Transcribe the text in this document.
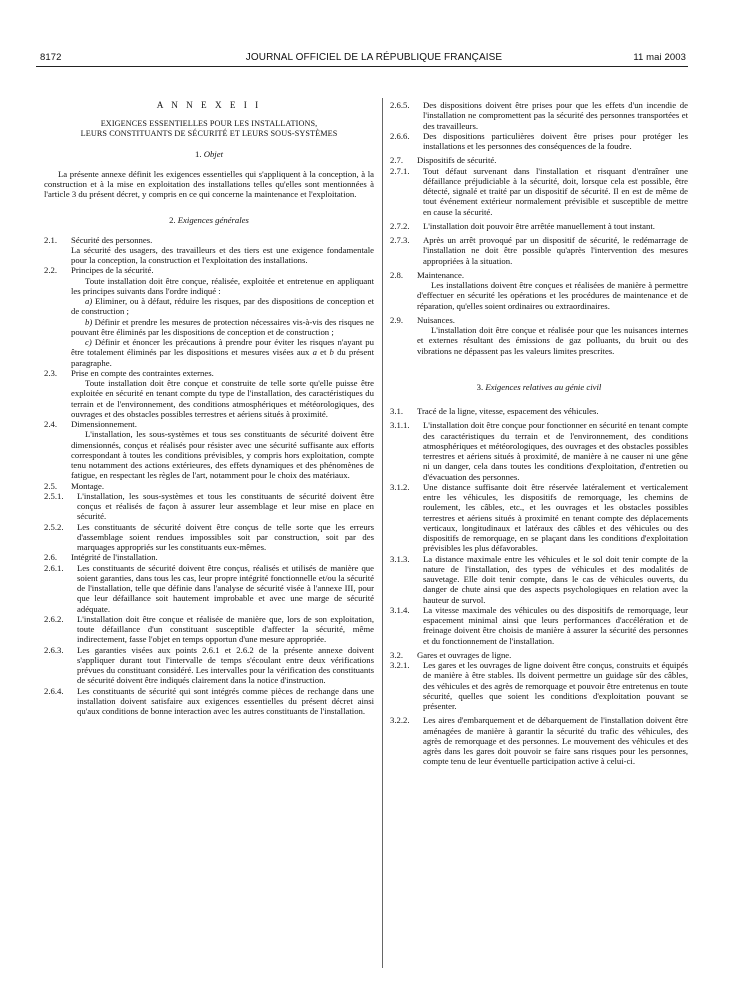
8172	JOURNAL OFFICIEL DE LA RÉPUBLIQUE FRANÇAISE	11 mai 2003

A N N E X E I I

EXIGENCES ESSENTIELLES POUR LES INSTALLATIONS,

LEURS CONSTITUANTS DE SÉCURITÉ ET LEURS SOUS-SYSTÈMES

1. Objet

La présente annexe définit les exigences essentielles qui s'appliquent à la conception, à la construction et à la mise en exploitation des installations telles qu'elles sont mentionnées à l'article 3 du présent décret, y compris en ce qui concerne la maintenance et l'exploitation.

2. Exigences générales

2.1.	Sécurité des personnes.

La sécurité des usagers, des travailleurs et des tiers est une exigence fondamentale pour la conception, la construction et l'exploitation des installations.

2.2.	Principes de la sécurité.

Toute installation doit être conçue, réalisée, exploitée et entretenue en appliquant les principes suivants dans l'ordre indiqué :

a) Eliminer, ou à défaut, réduire les risques, par des dispositions de conception et de construction ;

b) Définir et prendre les mesures de protection nécessaires vis-à-vis des risques ne pouvant être éliminés par les dispositions de conception et de construction ;

c) Définir et énoncer les précautions à prendre pour éviter les risques n'ayant pu être totalement éliminés par les dispositions et mesures visées aux a et b du présent paragraphe.

2.3.	Prise en compte des contraintes externes.

Toute installation doit être conçue et construite de telle sorte qu'elle puisse être exploitée en sécurité en tenant compte du type de l'installation, des caractéristiques du terrain et de l'environnement, des conditions atmosphériques et météorologiques, des ouvrages et des obstacles possibles terrestres et aériens situés à proximité.

2.4.	Dimensionnement.

L'installation, les sous-systèmes et tous ses constituants de sécurité doivent être dimensionnés, conçus et réalisés pour résister avec une sécurité suffisante aux efforts correspondant à toutes les conditions prévisibles, y compris hors exploitation, compte tenu notamment des actions extérieures, des effets dynamiques et des phénomènes de fatigue, en respectant les règles de l'art, notamment pour le choix des matériaux.

2.5.	Montage.
2.5.1.	L'installation, les sous-systèmes et tous les constituants de sécurité doivent être conçus et réalisés de façon à assurer leur assemblage et leur mise en place en sécurité.
2.5.2.	Les constituants de sécurité doivent être conçus de telle sorte que les erreurs d'assemblage soient rendues impossibles soit par construction, soit par des marquages appropriés sur les constituants eux-mêmes.
2.6.	Intégrité de l'installation.
2.6.1.	Les constituants de sécurité doivent être conçus, réalisés et utilisés de manière que soient garanties, dans tous les cas, leur propre intégrité fonctionnelle et/ou la sécurité de l'installation, telle que définie dans l'analyse de sécurité visée à l'annexe III, pour que leur défaillance soit hautement improbable et avec une marge de sécurité adéquate.
2.6.2.	L'installation doit être conçue et réalisée de manière que, lors de son exploitation, toute défaillance d'un constituant susceptible d'affecter la sécurité, même indirectement, fasse l'objet en temps opportun d'une mesure appropriée.
2.6.3.	Les garanties visées aux points 2.6.1 et 2.6.2 de la présente annexe doivent s'appliquer durant tout l'intervalle de temps s'écoulant entre deux vérifications prévues du constituant considéré. Les intervalles pour la vérification des constituants de sécurité doivent être indiqués clairement dans la notice d'instruction.
2.6.4.	Les constituants de sécurité qui sont intégrés comme pièces de rechange dans une installation doivent satisfaire aux exigences essentielles du présent décret ainsi qu'aux conditions de bonne interaction avec les autres constituants de l'installation.
2.6.5.	Des dispositions doivent être prises pour que les effets d'un incendie de l'installation ne compromettent pas la sécurité des personnes transportées et des travailleurs.
2.6.6.	Des dispositions particulières doivent être prises pour protéger les installations et les personnes des conséquences de la foudre.
2.7.	Dispositifs de sécurité.
2.7.1.	Tout défaut survenant dans l'installation et risquant d'entraîner une défaillance préjudiciable à la sécurité, doit, lorsque cela est possible, être détecté, signalé et traité par un dispositif de sécurité. Il en est de même de tout événement extérieur normalement prévisible et susceptible de mettre en cause la sécurité.
2.7.2.	L'installation doit pouvoir être arrêtée manuellement à tout instant.
2.7.3.	Après un arrêt provoqué par un dispositif de sécurité, le redémarrage de l'installation ne doit être possible qu'après l'intervention des mesures appropriées à la situation.
2.8.	Maintenance.

Les installations doivent être conçues et réalisées de manière à permettre d'effectuer en sécurité les opérations et les procédures de maintenance et de réparation, qu'elles soient ordinaires ou extraordinaires.

2.9.	Nuisances.

L'installation doit être conçue et réalisée pour que les nuisances internes et externes résultant des émissions de gaz polluants, du bruit ou des vibrations ne dépassent pas les valeurs limites prescrites.

3. Exigences relatives au génie civil

3.1.	Tracé de la ligne, vitesse, espacement des véhicules.
3.1.1.	L'installation doit être conçue pour fonctionner en sécurité en tenant compte des caractéristiques du terrain et de l'environnement, des conditions atmosphériques et météorologiques, des ouvrages et des obstacles possibles terrestres et aériens situés à proximité, de manière à ne causer ni une gêne ni un danger, cela dans toutes les conditions d'exploitation, d'entretien ou d'évacuation des personnes.
3.1.2.	Une distance suffisante doit être réservée latéralement et verticalement entre les véhicules, les dispositifs de remorquage, les chemins de roulement, les câbles, etc., et les ouvrages et les obstacles possibles terrestres et aériens situés à proximité en tenant compte des déplacements verticaux, longitudinaux et latéraux des câbles et des véhicules ou des dispositifs de remorquage, en se plaçant dans les conditions d'exploitation prévisibles les plus défavorables.
3.1.3.	La distance maximale entre les véhicules et le sol doit tenir compte de la nature de l'installation, des types de véhicules et des modalités de sauvetage. Elle doit tenir compte, dans le cas de véhicules ouverts, du danger de chute ainsi que des aspects psychologiques en relation avec la hauteur de survol.
3.1.4.	La vitesse maximale des véhicules ou des dispositifs de remorquage, leur espacement minimal ainsi que leurs performances d'accélération et de freinage doivent être choisis de manière à assurer la sécurité des personnes et du fonctionnement de l'installation.
3.2.	Gares et ouvrages de ligne.
3.2.1.	Les gares et les ouvrages de ligne doivent être conçus, construits et équipés de manière à être stables. Ils doivent permettre un guidage sûr des câbles, des véhicules et des agrès de remorquage et pouvoir être entretenus en toute sécurité, quelles que soient les conditions d'exploitation pouvant se présenter.
3.2.2.	Les aires d'embarquement et de débarquement de l'installation doivent être aménagées de manière à garantir la sécurité du trafic des véhicules, des agrès de remorquage et des personnes. Le mouvement des véhicules et des agrès dans les gares doit pouvoir se faire sans risques pour les personnes, compte tenu de leur éventuelle participation active à celui-ci.
